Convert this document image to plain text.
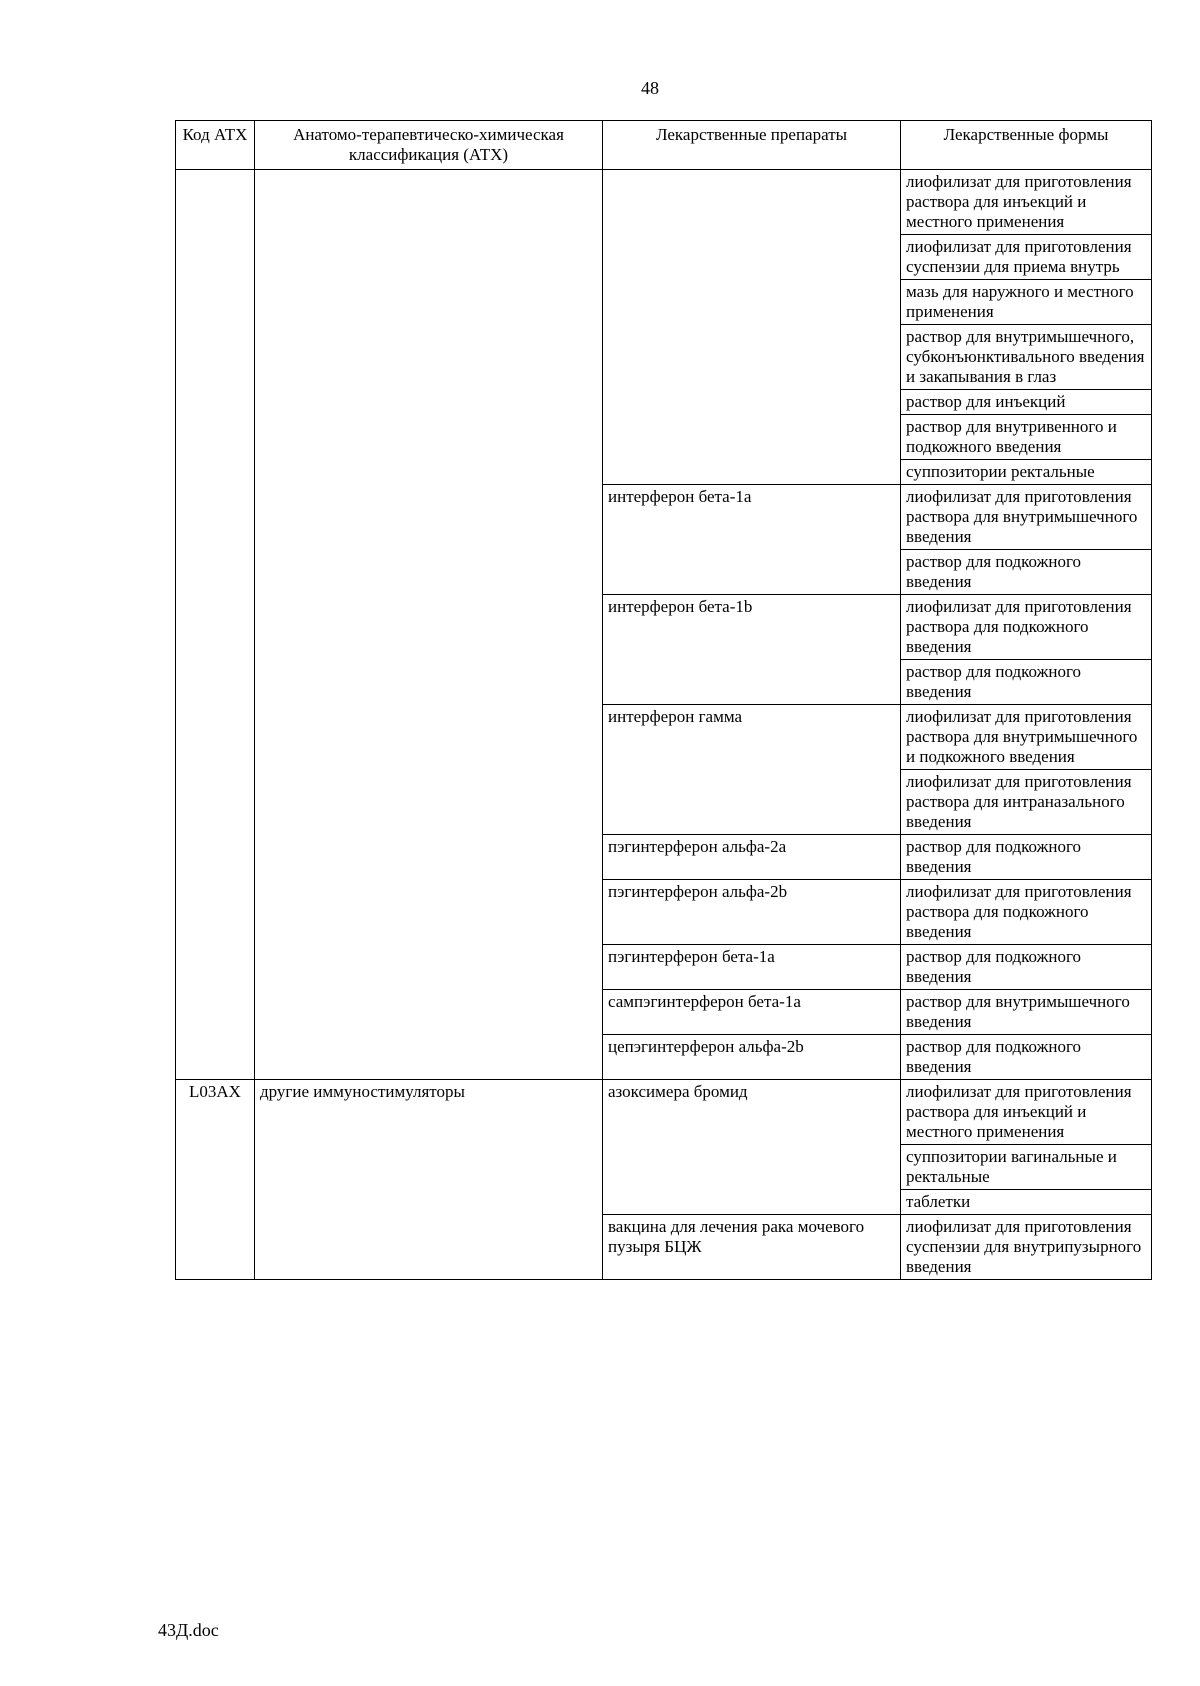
48
Код АТХ	Анатомо-терапевтическо-химическая классификация (АТХ)	Лекарственные препараты	Лекарственные формы
			лиофилизат для приготовления раствора для инъекций и местного применения
			лиофилизат для приготовления суспензии для приема внутрь
			мазь для наружного и местного применения
			раствор для внутримышечного, субконъюнктивального введения и закапывания в глаз
			раствор для инъекций
			раствор для внутривенного и подкожного введения
			суппозитории ректальные
		интерферон бета-1a	лиофилизат для приготовления раствора для внутримышечного введения
			раствор для подкожного введения
		интерферон бета-1b	лиофилизат для приготовления раствора для подкожного введения
			раствор для подкожного введения
		интерферон гамма	лиофилизат для приготовления раствора для внутримышечного и подкожного введения
			лиофилизат для приготовления раствора для интраназального введения
		пэгинтерферон альфа-2a	раствор для подкожного введения
		пэгинтерферон альфа-2b	лиофилизат для приготовления раствора для подкожного введения
		пэгинтерферон бета-1a	раствор для подкожного введения
		сампэгинтерферон бета-1a	раствор для внутримышечного введения
		цепэгинтерферон альфа-2b	раствор для подкожного введения
L03AX	другие иммуностимуляторы	азоксимера бромид	лиофилизат для приготовления раствора для инъекций и местного применения
			суппозитории вагинальные и ректальные
			таблетки
		вакцина для лечения рака мочевого пузыря БЦЖ	лиофилизат для приготовления суспензии для внутрипузырного введения
43Д.doc
